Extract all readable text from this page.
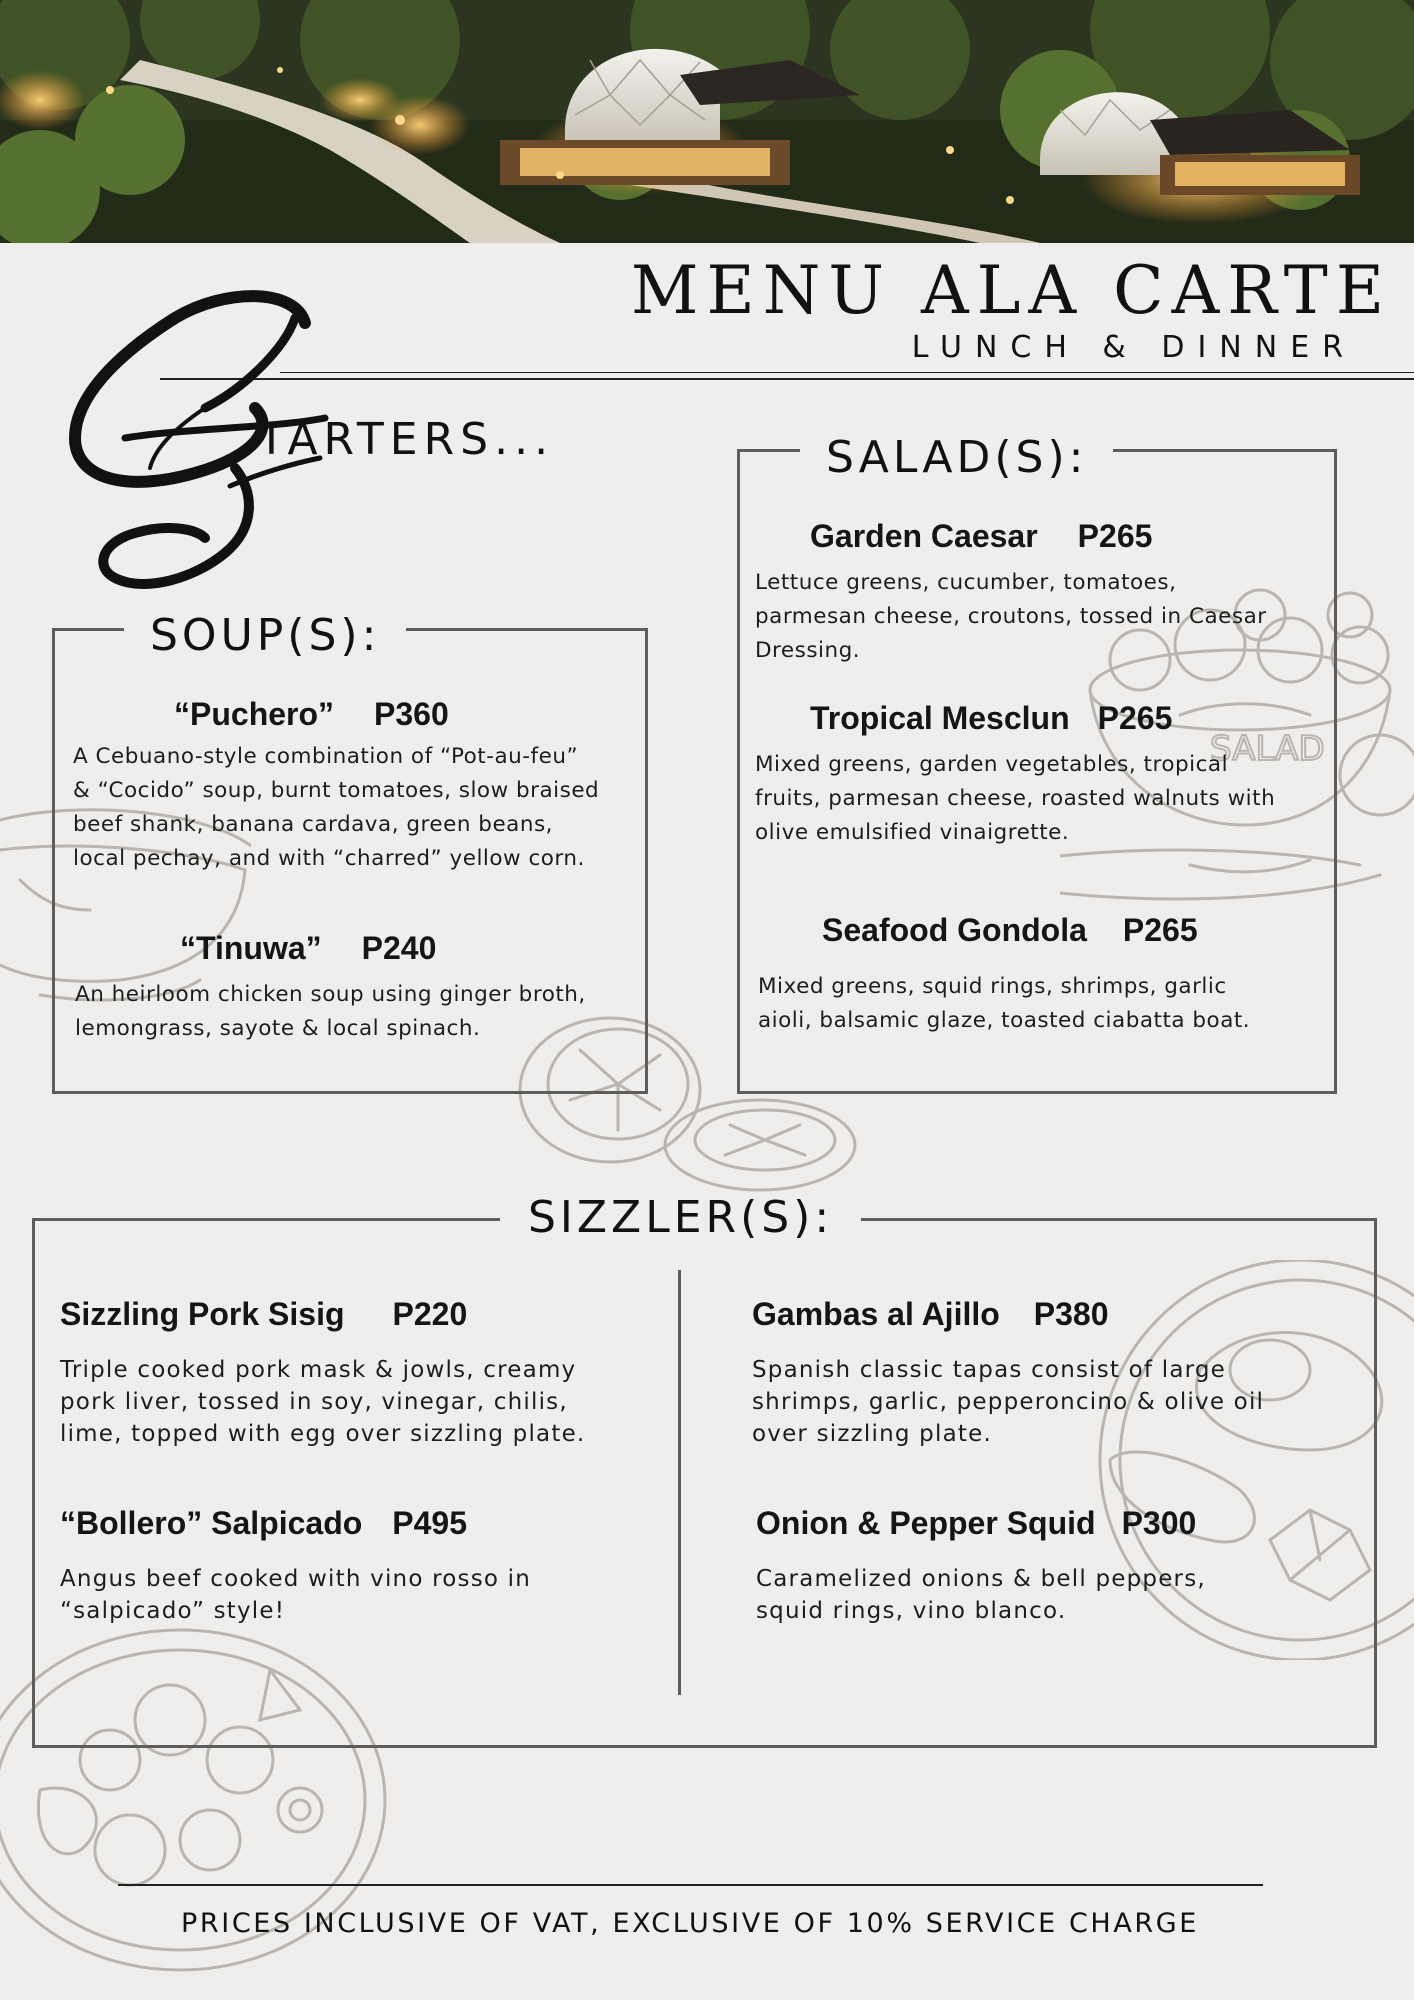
MENU ALA CARTE
LUNCH & DINNER
TARTERS...
SALAD
SOUP(S):
“Puchero” P360
A Cebuano-style combination of “Pot-au-feu”
& “Cocido” soup, burnt tomatoes, slow braised
beef shank, banana cardava, green beans,
local pechay, and with “charred” yellow corn.
“Tinuwa” P240
An heirloom chicken soup using ginger broth,
lemongrass, sayote & local spinach.
SALAD(S):
Garden Caesar P265
Lettuce greens, cucumber, tomatoes,
parmesan cheese, croutons, tossed in Caesar
Dressing.
Tropical Mesclun P265
Mixed greens, garden vegetables, tropical
fruits, parmesan cheese, roasted walnuts with
olive emulsified vinaigrette.
Seafood Gondola P265
Mixed greens, squid rings, shrimps, garlic
aioli, balsamic glaze, toasted ciabatta boat.
SIZZLER(S):
Sizzling Pork Sisig P220
Triple cooked pork mask & jowls, creamy
pork liver, tossed in soy, vinegar, chilis,
lime, topped with egg over sizzling plate.
“Bollero” Salpicado P495
Angus beef cooked with vino rosso in
“salpicado” style!
Gambas al Ajillo P380
Spanish classic tapas consist of large
shrimps, garlic, pepperoncino & olive oil
over sizzling plate.
Onion & Pepper Squid P300
Caramelized onions & bell peppers,
squid rings, vino blanco.
PRICES INCLUSIVE OF VAT, EXCLUSIVE OF 10% SERVICE CHARGE
